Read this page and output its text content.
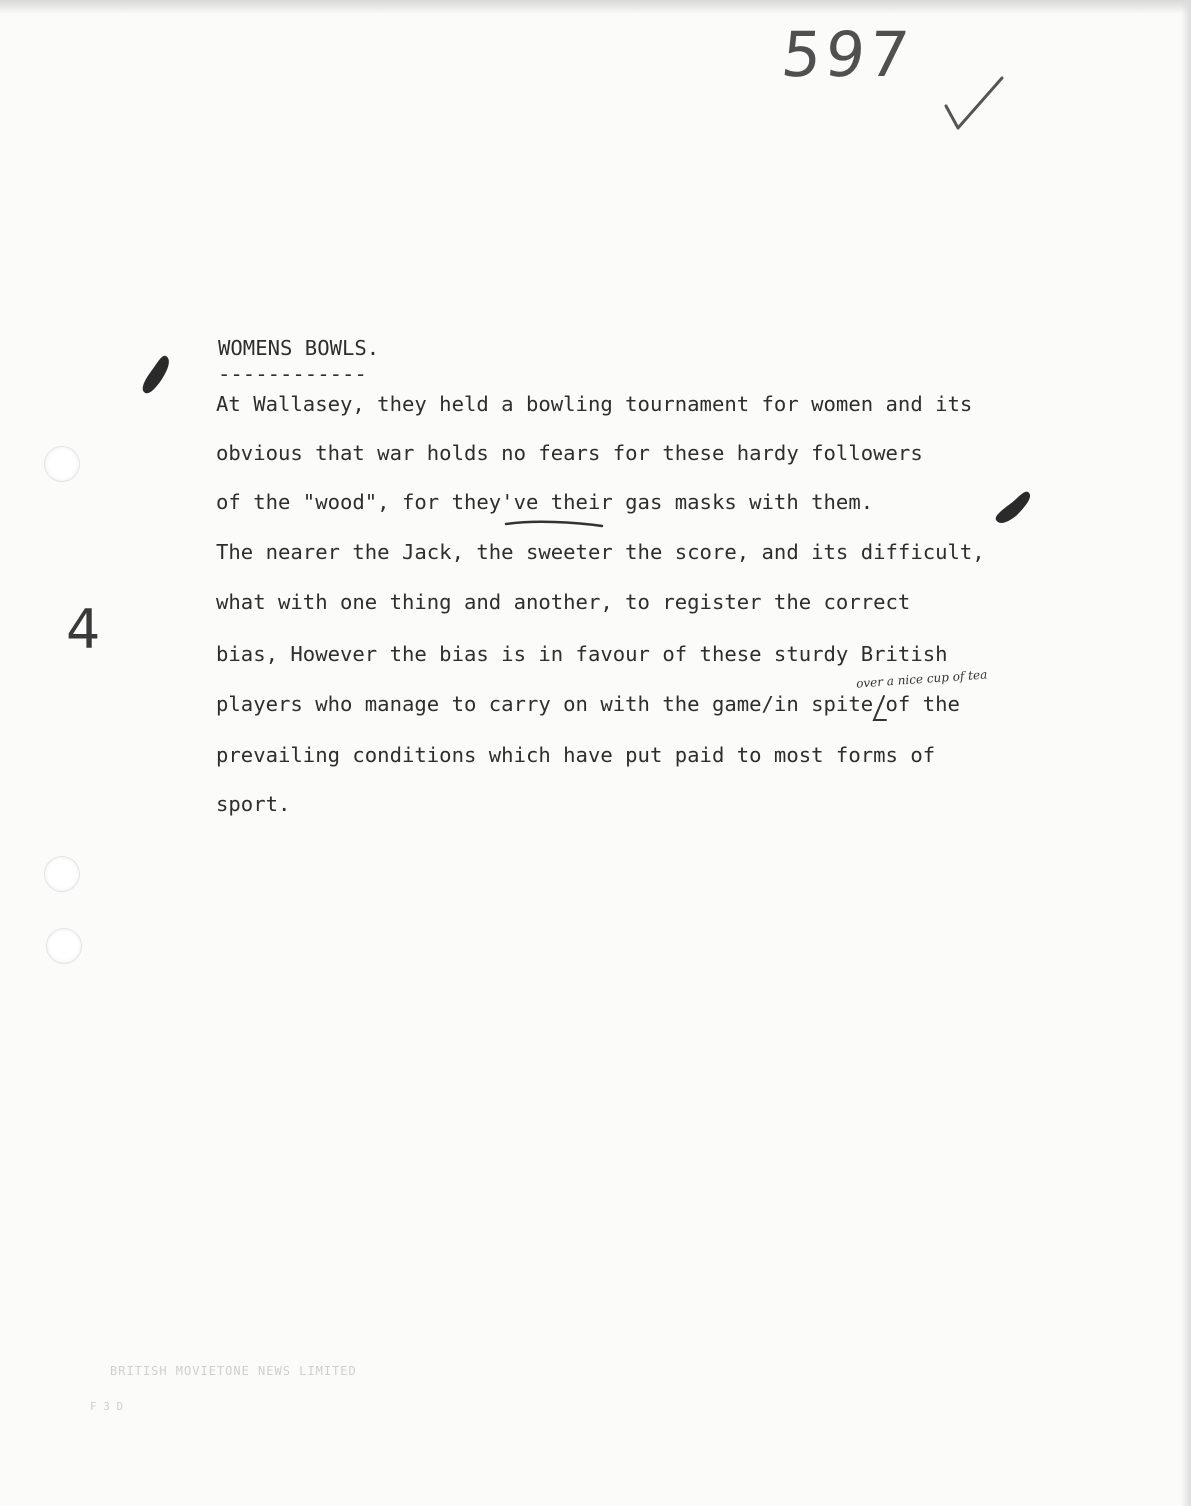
597

4

WOMENS BOWLS.

------------

At Wallasey, they held a bowling tournament for women and its

obvious that war holds no fears for these hardy followers

of the "wood", for they've their gas masks with them.

The nearer the Jack, the sweeter the score, and its difficult,

what with one thing and another, to register the correct

bias, However the bias is in favour of these sturdy British

players who manage to carry on with the game/in spite of the

prevailing conditions which have put paid to most forms of

sport.

over a nice cup of tea

BRITISH MOVIETONE NEWS LIMITED

F 3 D
